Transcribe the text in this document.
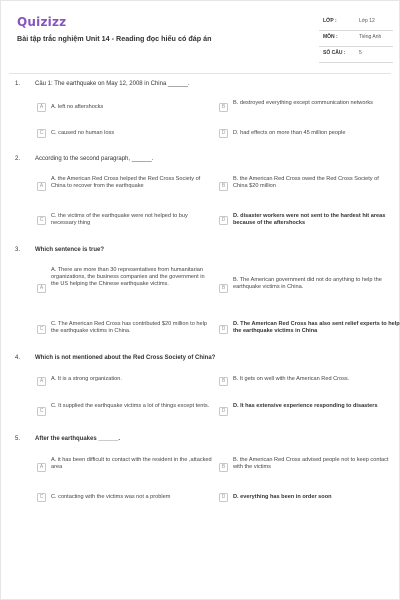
Quizizz
Bài tập trắc nghiệm Unit 14 - Reading đọc hiểu có đáp án
LỚP :	Lớp 12
MÔN :	Tiếng Anh
SỐ CÂU :	5
1. Câu 1: The earthquake on May 12, 2008 in China ______.
A	A. left no aftershocks	B
B. destroyed everything except communication networks
C	C. caused no human loss	D	D. had effects on more than 45 million people
2. According to the second paragraph, ______.
A
A. the American Red Cross helped the Red Cross Society of China to recover from the earthquake	B
B. the American Red Cross owed the Red Cross Society of China $20 million
C
C. the victims of the earthquake were not helped to buy necessary thing
D
D. disaster workers were not sent to the hardest hit areas because of the aftershocks
3. Which sentence is true?
A
A. There are more than 30 representatives from humanitarian organizations, the business companies and the government in the US helping the Chinese earthquake victims.
B
B. The American government did not do anything to help the earthquake victims in China.
C
C. The American Red Cross has contributed $20 million to help the earthquake victims in China.	D
D. The American Red Cross has also sent relief experts to help the earthquake victims in China
4. Which is not mentioned about the Red Cross Society of China?
A	A. It is a strong organization.	B	B. It gets on well with the American Red Cross.
C
C. It supplied the earthquake victims a lot of things except tents.
D
D. It has extensive experience responding to disasters
5. After the earthquakes ______.
A
A. it has been difficult to contact with the resident in the ,attacked area	B
B. the American Red Cross advised people not to keep contact with the victims
C	C. contacting with the victims was not a problem	D	D. everything has been in order soon
